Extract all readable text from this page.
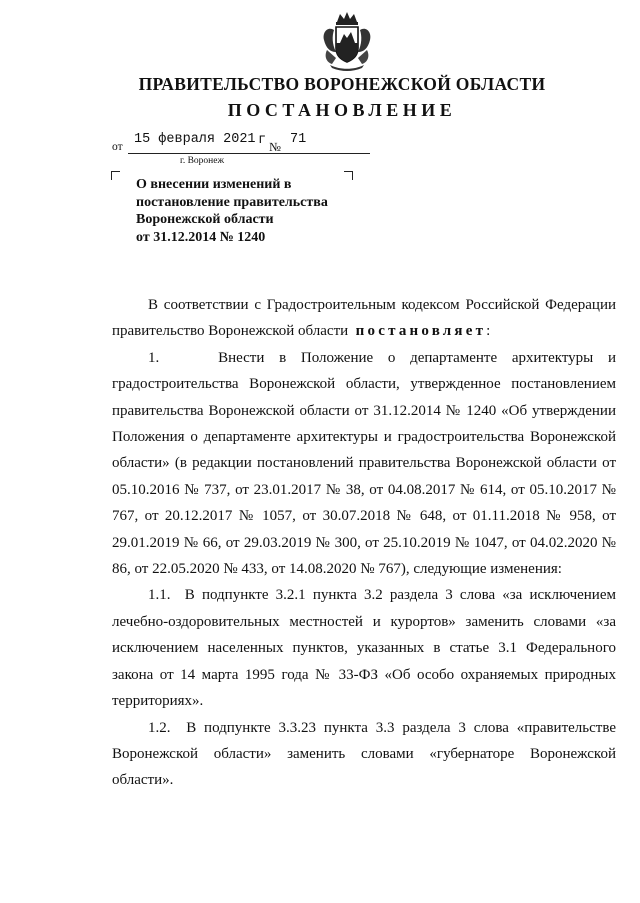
ПРАВИТЕЛЬСТВО ВОРОНЕЖСКОЙ ОБЛАСТИ
ПОСТАНОВЛЕНИЕ
от 15 февраля 2021 г № 71
г. Воронеж
О внесении изменений в
постановление правительства
Воронежской области
от 31.12.2014 № 1240

В соответствии с Градостроительным кодексом Российской Федерации правительство Воронежской области постановляет:

1.    Внести в Положение о департаменте архитектуры и градостроительства Воронежской области, утвержденное постановлением правительства Воронежской области от 31.12.2014 № 1240 «Об утверждении Положения о департаменте архитектуры и градостроительства Воронежской области» (в редакции постановлений правительства Воронежской области от 05.10.2016 № 737, от 23.01.2017 № 38, от 04.08.2017 № 614, от 05.10.2017 № 767, от 20.12.2017 № 1057, от 30.07.2018 № 648, от 01.11.2018 № 958, от 29.01.2019 № 66, от 29.03.2019 № 300, от 25.10.2019 № 1047, от 04.02.2020 № 86, от 22.05.2020 № 433, от 14.08.2020 № 767), следующие изменения:

1.1.  В подпункте 3.2.1 пункта 3.2 раздела 3 слова «за исключением лечебно-оздоровительных местностей и курортов» заменить словами «за исключением населенных пунктов, указанных в статье 3.1 Федерального закона от 14 марта 1995 года № 33-ФЗ «Об особо охраняемых природных территориях».

1.2.  В подпункте 3.3.23 пункта 3.3 раздела 3 слова «правительстве Воронежской области» заменить словами «губернаторе Воронежской области».
